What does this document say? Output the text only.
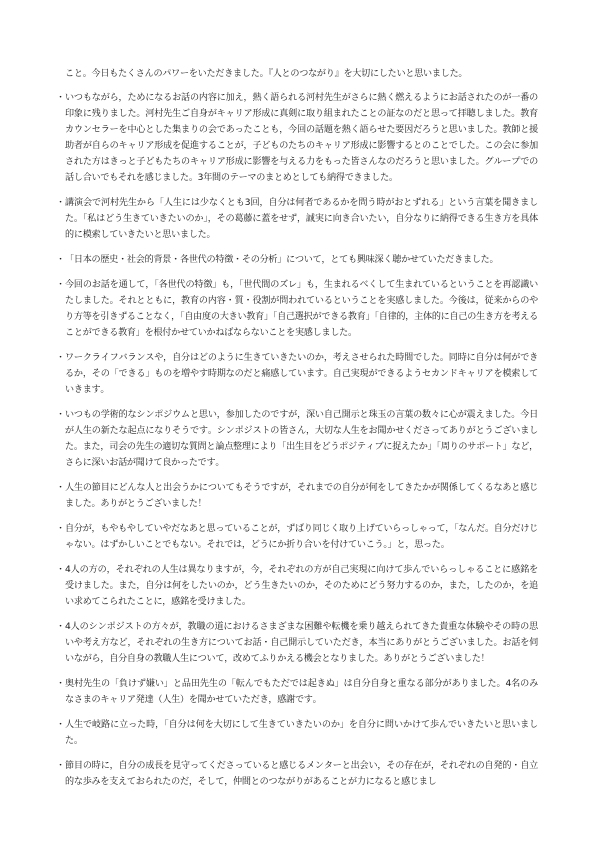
こと。今日もたくさんのパワーをいただきました。『人とのつながり』を大切にしたいと思いました。
・ いつもながら，ためになるお話の内容に加え，熱く語られる河村先生がさらに熱く燃えるようにお話されたのが一番の印象に残りました。河村先生ご自身がキャリア形成に真剣に取り組まれたことの証なのだと思って拝聴しました。教育カウンセラーを中心とした集まりの会であったことも，今回の話題を熱く語らせた要因だろうと思いました。教師と援助者が自らのキャリア形成を促進することが，子どものたちのキャリア形成に影響するとのことでした。この会に参加された方はきっと子どもたちのキャリア形成に影響を与える力をもった皆さんなのだろうと思いました。グループでの話し合いでもそれを感じました。3年間のテーマのまとめとしても納得できました。
・ 講演会で河村先生から「人生には少なくとも3回，自分は何者であるかを問う時がおとずれる」という言葉を聞きました。「私はどう生きていきたいのか」，その葛藤に蓋をせず，誠実に向き合いたい，自分なりに納得できる生き方を具体的に模索していきたいと思いました。
・ 「日本の歴史・社会的背景・各世代の特徴・その分析」について，とても興味深く聴かせていただきました。
・ 今回のお話を通して，「各世代の特徴」も，「世代間のズレ」も，生まれるべくして生まれているということを再認識いたしました。それとともに，教育の内容・質・役割が問われているということを実感しました。今後は，従来からのやり方等を引きずることなく，「自由度の大きい教育」「自己選択ができる教育」「自律的，主体的に自己の生き方を考えることができる教育」を根付かせていかねばならないことを実感しました。
・ ワークライフバランスや，自分はどのように生きていきたいのか，考えさせられた時間でした。同時に自分は何ができるか，その「できる」ものを増やす時期なのだと痛感しています。自己実現ができるようセカンドキャリアを模索していきます。
・ いつもの学術的なシンポジウムと思い，参加したのですが，深い自己開示と珠玉の言葉の数々に心が震えました。今日が人生の新たな起点になりそうです。シンポジストの皆さん，大切な人生をお聞かせくださってありがとうございました。また，司会の先生の適切な質問と論点整理により「出生目をどうポジティブに捉えたか」「周りのサポート」など，さらに深いお話が聞けて良かったです。
・ 人生の節目にどんな人と出会うかについてもそうですが，それまでの自分が何をしてきたかが関係してくるなあと感じました。ありがとうございました！
・ 自分が，もやもやしていやだなあと思っていることが，ずばり同じく取り上げていらっしゃって，「なんだ。自分だけじゃない。はずかしいことでもない。それでは，どうにか折り合いを付けていこう。」と，思った。
・ 4人の方の，それぞれの人生は異なりますが，今，それぞれの方が自己実現に向けて歩んでいらっしゃることに感銘を受けました。また，自分は何をしたいのか，どう生きたいのか，そのためにどう努力するのか，また，したのか，を追い求めてこられたことに，感銘を受けました。
・ 4人のシンポジストの方々が，教職の道におけるさまざまな困難や転機を乗り越えられてきた貴重な体験やその時の思いや考え方など，それぞれの生き方についてお話・自己開示していただき，本当にありがとうございました。お話を伺いながら，自分自身の教職人生について，改めてふりかえる機会となりました。ありがとうございました！
・ 奥村先生の「負けず嫌い」と品田先生の「転んでもただでは起きぬ」は自分自身と重なる部分がありました。4名のみなさまのキャリア発達（人生）を聞かせていただき，感謝です。
・ 人生で岐路に立った時，「自分は何を大切にして生きていきたいのか」を自分に問いかけて歩んでいきたいと思いました。
・ 節目の時に，自分の成長を見守ってくださっていると感じるメンターと出会い，その存在が，それぞれの自発的・自立的な歩みを支えておられたのだ，そして，仲間とのつながりがあることが力になると感じまし
